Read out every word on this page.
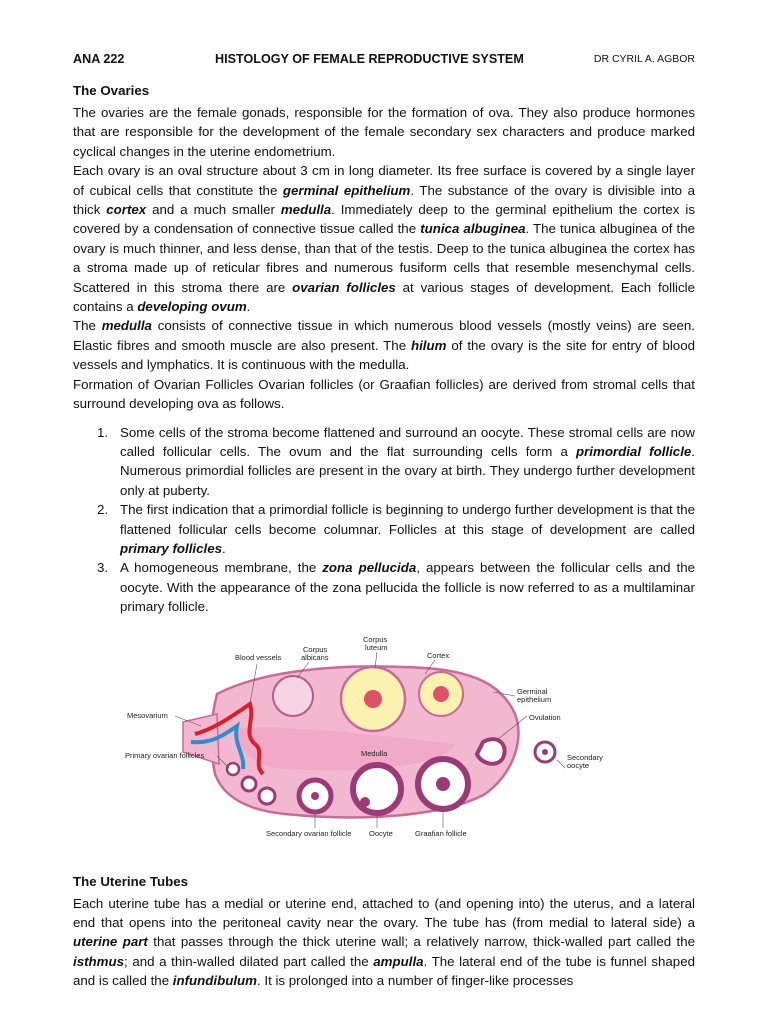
ANA 222	HISTOLOGY OF FEMALE REPRODUCTIVE SYSTEM	DR CYRIL A. AGBOR
The Ovaries

The ovaries are the female gonads, responsible for the formation of ova. They also produce hormones that are responsible for the development of the female secondary sex characters and produce marked cyclical changes in the uterine endometrium.

Each ovary is an oval structure about 3 cm in long diameter. Its free surface is covered by a single layer of cubical cells that constitute the germinal epithelium. The substance of the ovary is divisible into a thick cortex and a much smaller medulla. Immediately deep to the germinal epithelium the cortex is covered by a condensation of connective tissue called the tunica albuginea. The tunica albuginea of the ovary is much thinner, and less dense, than that of the testis. Deep to the tunica albuginea the cortex has a stroma made up of reticular fibres and numerous fusiform cells that resemble mesenchymal cells. Scattered in this stroma there are ovarian follicles at various stages of development. Each follicle contains a developing ovum.

The medulla consists of connective tissue in which numerous blood vessels (mostly veins) are seen. Elastic fibres and smooth muscle are also present. The hilum of the ovary is the site for entry of blood vessels and lymphatics. It is continuous with the medulla.

Formation of Ovarian Follicles Ovarian follicles (or Graafian follicles) are derived from stromal cells that surround developing ova as follows.

1. Some cells of the stroma become flattened and surround an oocyte. These stromal cells are now called follicular cells. The ovum and the flat surrounding cells form a primordial follicle. Numerous primordial follicles are present in the ovary at birth. They undergo further development only at puberty.
2. The first indication that a primordial follicle is beginning to undergo further development is that the flattened follicular cells become columnar. Follicles at this stage of development are called primary follicles.
3. A homogeneous membrane, the zona pellucida, appears between the follicular cells and the oocyte. With the appearance of the zona pellucida the follicle is now referred to as a multilaminar primary follicle.
Blood vessels
Corpus
albicans
Corpus
luteum
Cortex
Germinal
epithelium
Ovulation
Mesovarium
Medulla
Primary ovarian follicles	Secondary
oocyte
Secondary ovarian follicle Oocyte	Graafian follicle
The Uterine Tubes

Each uterine tube has a medial or uterine end, attached to (and opening into) the uterus, and a lateral end that opens into the peritoneal cavity near the ovary. The tube has (from medial to lateral side) a uterine part that passes through the thick uterine wall; a relatively narrow, thick-walled part called the isthmus; and a thin-walled dilated part called the ampulla. The lateral end of the tube is funnel shaped and is called the infundibulum. It is prolonged into a number of finger-like processes
